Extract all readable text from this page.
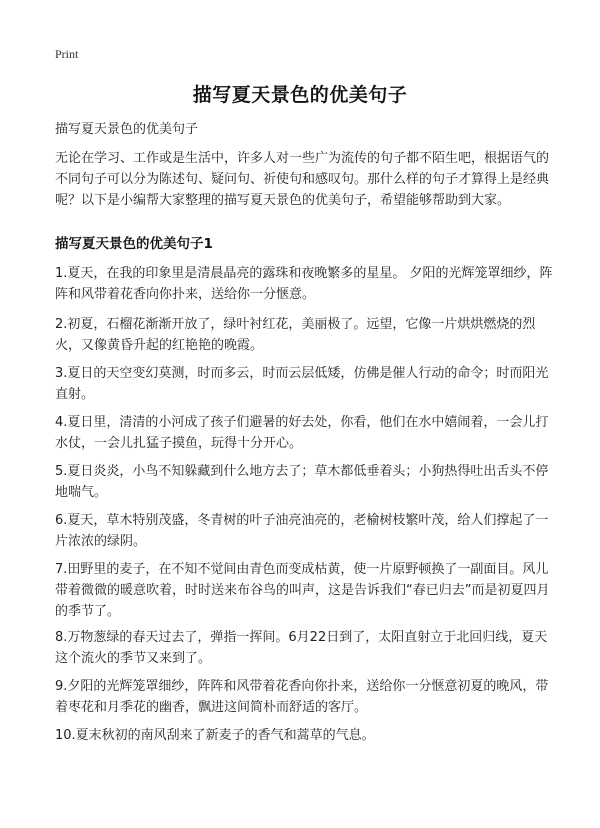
Print
描写夏天景色的优美句子
描写夏天景色的优美句子
无论在学习、工作或是生活中，许多人对一些广为流传的句子都不陌生吧，根据语气的不同句子可以分为陈述句、疑问句、祈使句和感叹句。那什么样的句子才算得上是经典呢？以下是小编帮大家整理的描写夏天景色的优美句子，希望能够帮助到大家。
描写夏天景色的优美句子1
1.夏天，在我的印象里是清晨晶亮的露珠和夜晚繁多的星星。 夕阳的光辉笼罩细纱，阵阵和风带着花香向你扑来，送给你一分惬意。
2.初夏，石榴花渐渐开放了，绿叶衬红花，美丽极了。远望，它像一片烘烘燃烧的烈火，又像黄昏升起的红艳艳的晚霞。
3.夏日的天空变幻莫测，时而多云，时而云层低矮，仿佛是催人行动的命令；时而阳光直射。
4.夏日里，清清的小河成了孩子们避暑的好去处，你看，他们在水中嬉闹着，一会儿打水仗，一会儿扎猛子摸鱼，玩得十分开心。
5.夏日炎炎，小鸟不知躲藏到什么地方去了；草木都低垂着头；小狗热得吐出舌头不停地喘气。
6.夏天，草木特别茂盛，冬青树的叶子油亮油亮的，老榆树枝繁叶茂，给人们撑起了一片浓浓的绿阴。
7.田野里的麦子，在不知不觉间由青色而变成枯黄，使一片原野顿换了一副面目。风儿带着微微的暖意吹着，时时送来布谷鸟的叫声，这是告诉我们“春已归去”而是初夏四月的季节了。
8.万物葱绿的春天过去了，弹指一挥间。6月22日到了，太阳直射立于北回归线，夏天这个流火的季节又来到了。
9.夕阳的光辉笼罩细纱，阵阵和风带着花香向你扑来，送给你一分惬意初夏的晚风，带着枣花和月季花的幽香，飘进这间简朴而舒适的客厅。
10.夏末秋初的南风刮来了新麦子的香气和蒿草的气息。
